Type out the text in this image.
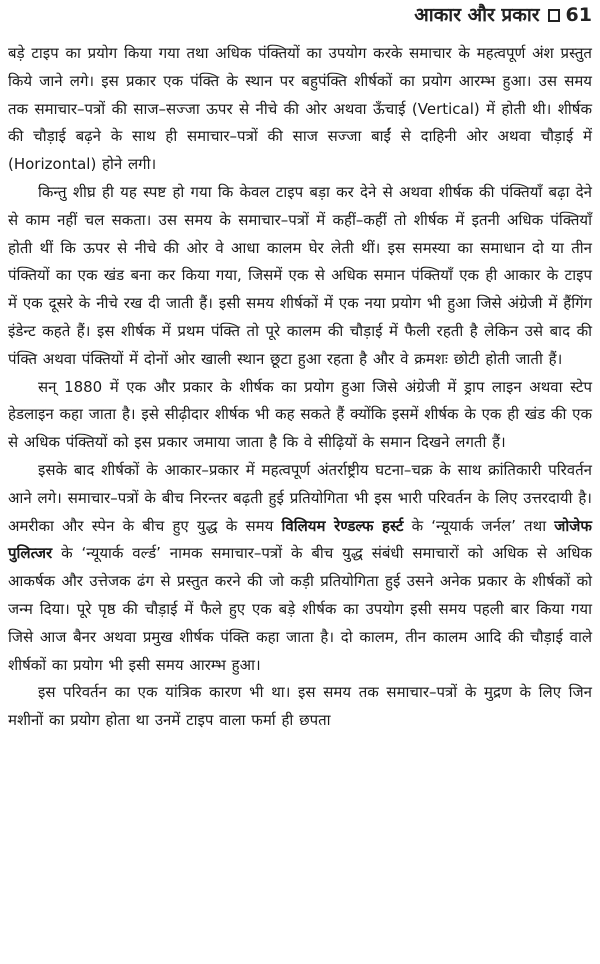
आकार और प्रकार 61

बड़े टाइप का प्रयोग किया गया तथा अधिक पंक्तियों का उपयोग करके समाचार के महत्वपूर्ण अंश प्रस्तुत किये जाने लगे। इस प्रकार एक पंक्ति के स्थान पर बहुपंक्ति शीर्षकों का प्रयोग आरम्भ हुआ। उस समय तक समाचार–पत्रों की साज–सज्जा ऊपर से नीचे की ओर अथवा ऊँचाई (Vertical) में होती थी। शीर्षक की चौड़ाई बढ़ने के साथ ही समाचार–पत्रों की साज सज्जा बाईं से दाहिनी ओर अथवा चौड़ाई में (Horizontal) होने लगी।

किन्तु शीघ्र ही यह स्पष्ट हो गया कि केवल टाइप बड़ा कर देने से अथवा शीर्षक की पंक्तियाँ बढ़ा देने से काम नहीं चल सकता। उस समय के समाचार–पत्रों में कहीं–कहीं तो शीर्षक में इतनी अधिक पंक्तियाँ होती थीं कि ऊपर से नीचे की ओर वे आधा कालम घेर लेती थीं। इस समस्या का समाधान दो या तीन पंक्तियों का एक खंड बना कर किया गया, जिसमें एक से अधिक समान पंक्तियाँ एक ही आकार के टाइप में एक दूसरे के नीचे रख दी जाती हैं। इसी समय शीर्षकों में एक नया प्रयोग भी हुआ जिसे अंग्रेजी में हैंगिंग इंडेन्ट कहते हैं। इस शीर्षक में प्रथम पंक्ति तो पूरे कालम की चौड़ाई में फैली रहती है लेकिन उसे बाद की पंक्ति अथवा पंक्तियों में दोनों ओर खाली स्थान छूटा हुआ रहता है और वे क्रमशः छोटी होती जाती हैं।

सन् 1880 में एक और प्रकार के शीर्षक का प्रयोग हुआ जिसे अंग्रेजी में ड्राप लाइन अथवा स्टेप हेडलाइन कहा जाता है। इसे सीढ़ीदार शीर्षक भी कह सकते हैं क्योंकि इसमें शीर्षक के एक ही खंड की एक से अधिक पंक्तियों को इस प्रकार जमाया जाता है कि वे सीढ़ियों के समान दिखने लगती हैं।

इसके बाद शीर्षकों के आकार–प्रकार में महत्वपूर्ण अंतर्राष्ट्रीय घटना–चक्र के साथ क्रांतिकारी परिवर्तन आने लगे। समाचार–पत्रों के बीच निरन्तर बढ़ती हुई प्रतियोगिता भी इस भारी परिवर्तन के लिए उत्तरदायी है। अमरीका और स्पेन के बीच हुए युद्ध के समय विलियम रेण्डल्फ हर्स्ट के ‘न्यूयार्क जर्नल’ तथा जोजेफ पुलित्जर के ‘न्यूयार्क वर्ल्ड’ नामक समाचार–पत्रों के बीच युद्ध संबंधी समाचारों को अधिक से अधिक आकर्षक और उत्तेजक ढंग से प्रस्तुत करने की जो कड़ी प्रतियोगिता हुई उसने अनेक प्रकार के शीर्षकों को जन्म दिया। पूरे पृष्ठ की चौड़ाई में फैले हुए एक बड़े शीर्षक का उपयोग इसी समय पहली बार किया गया जिसे आज बैनर अथवा प्रमुख शीर्षक पंक्ति कहा जाता है। दो कालम, तीन कालम आदि की चौड़ाई वाले शीर्षकों का प्रयोग भी इसी समय आरम्भ हुआ।

इस परिवर्तन का एक यांत्रिक कारण भी था। इस समय तक समाचार–पत्रों के मुद्रण के लिए जिन मशीनों का प्रयोग होता था उनमें टाइप वाला फर्मा ही छपता
